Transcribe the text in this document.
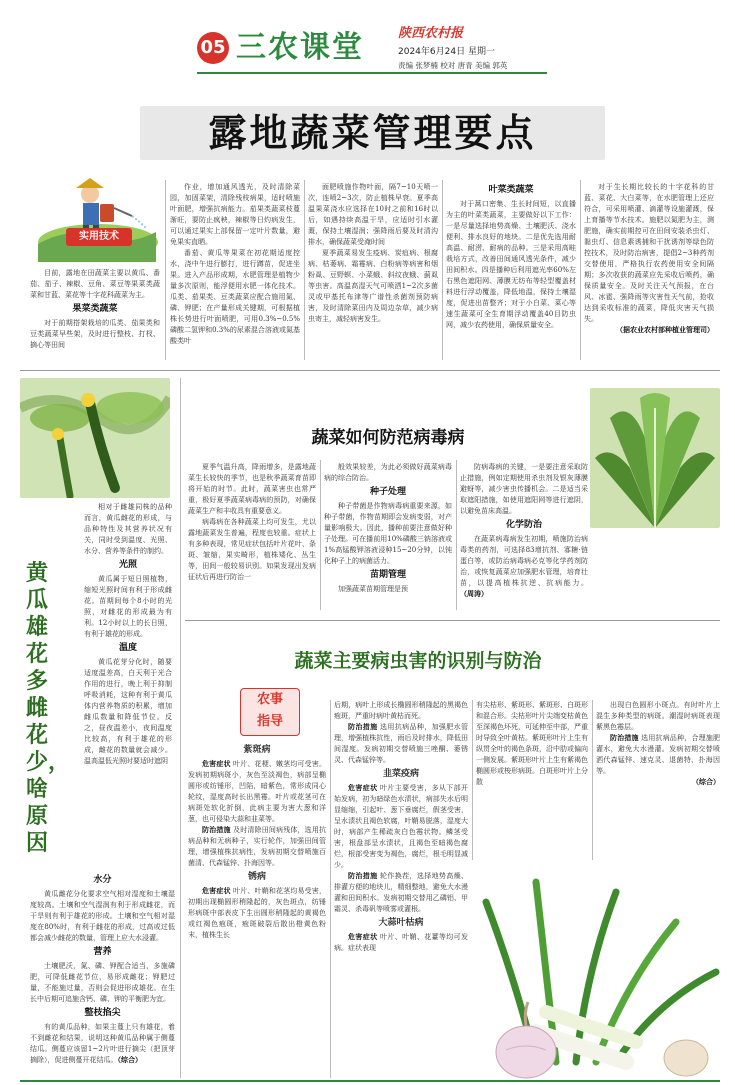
05 三农课堂	陕西农村报
2024年6月24日 星期一
责编 张梦楠 校对 唐青 美编 郭英
露地蔬菜管理要点
实用技术

目前，露地在田蔬菜主要以黄瓜、番茄、茄子、辣椒、豆角、菜豆等果菜类蔬菜和甘蓝、菜花等十字花科蔬菜为主。

果菜类蔬菜

对于前期搭架栽培的瓜类、茄果类和豆类蔬菜早些架，及时进行整枝、打杈、摘心等田间

作业，增加通风透光，及时清除菜园，加固菜架，清除残枝病果，适时喷施叶面肥，增强抗病能力。茄果类蔬菜枝蔓渐旺，要防止疯秧，辣椒等日灼病发生，可以通过果实上部保留一定叶片数量，避免果实直晒。

番茄、黄瓜等果菜在初花期适度控水，浇中午进行膨打，进行蹲苗，促进坐果。进入产品形成期，水肥管理是植物少量多次原则，能浮便用水肥一体化技术。瓜类、茄果类、豆类蔬菜应配合施用氮、磷、钾肥；在产量形成关键期，可根据植株长势进行叶面喷肥，可用0.3%~0.5%磷酸二氢钾和0.3%的尿素混合溶液或氮基酸类叶

面肥喷施作物叶面，隔7~10天喷一次，连喷2~3次，防止植株早衰。夏季高温果菜浇水应选择在10时之前和16时以后，如遇持续高温干旱，应适时引水灌溉，保持土壤湿润；强降雨后要及时清沟排水，确保蔬菜受淹时间

夏季蔬菜易发生疫病、炭疽病、根腐病、枯萎病、霜霉病、白粉病等病害和烟粉虱、豆野螟、小菜蛾、斜纹夜蛾、蓟虱等虫害。高温高湿天气可喷洒1~2次多菌灵或甲基托布津等广谱性杀菌剂预防病害，及时清除菜田内及周边杂草，减少病虫寄主，减轻病害发生。

叶菜类蔬菜

对于蒿口密集、生长时间短，以直播为主的叶菜类蔬菜，主要做好以下工作：一是尽量选择地势高燥、土壤肥沃、浇水便利、排水良好的地块。二是优先选用耐高温、耐涝、耐病的品种。三是采用高畦栽培方式，改善田间通风透光条件，减少田间积水。四是播种后利用遮光率60%左右黑色遮阳网、薄膜无纺布等轻型覆盖材料进行浮动覆盖，降低地温，保持土壤湿度，促进出苗整齐；对于小白菜、菜心等速生蔬菜可全生育期浮动覆盖40目防虫网，减少农药使用，确保质量安全。

对于生长期比较长的十字花科的甘蓝、菜花、大白菜等，在水肥管理上还应符合，可采用喷灌、滴灌等设施灌溉，保上育播等节水技术。施肥以氮肥为主，测肥施，确实前期控可在田间安装杀虫灯、黏虫灯、信息素诱捕和干扰诱剂等绿色防控技术，及时防治病害，提倡2~3种药剂交替使用，严格执行农药使用安全间隔期；多次收获的蔬菜应先采收后喷药，确保质量安全。及时关注天气预报，在台风、冰雹、强降雨等灾害性天气前，抢收达到采收标准的蔬菜，降低灾害天气损失。

（据农业农村部种植业管理司）

黄瓜雄花多雌花少，啥原因

相对于雌雄同株的品种而言，黄瓜雌花的形成，与品种特性及其营养状况有关，同时受到温度、光照、水分、营养等条件的制约。

光照

黄瓜属于短日照植物，缩短光照时间有利于形成雌花。苗期间每个8小时的光照，对雌花的形成最为有利。12小时以上的长日照，有利于雄花的形成。

温度

黄瓜花芽分化时，随要适度温差高，白天利于光合作用的进行，晚上利于抑制呼吸消耗，这种有利于黄瓜体内营养物质的积累，增加雌瓜数量和降低节位。反之，昼夜温差小，夜间温度比较高，有利于雄花的形成，雌花的数量就会减少。温高温低光照时要适时遮阴

水分

黄瓜雌花分化要求空气相对湿度和土壤湿度较高。土壤和空气湿润有利于形成雌花，而干旱则有利于雄花的形成。土壤和空气相对湿度在80%时，有利于雌花的形成，过高或过低都会减少雌花的数量，管理上应大水浸灌。

营养

土壤肥沃，氮、磷、钾配合适当，多施磷肥，可降低雌花节位，易形成雌花；钾肥过量，不能施过量，否则会促进形成雄花。在生长中后期可追施含钙、磷、钾的平衡肥为宜。

整枝掐尖

有的黄瓜品种，如果主蔓上只有雄花，着不到雌花和结果，说明这种黄瓜品种属于侧蔓结瓜。侧蔓应该留1~2片叶进行摘尖（把顶芽摘除），促进侧蔓开花结瓜。（综合）

蔬菜如何防范病毒病

夏季气温升高，降雨增多，是露地蔬菜生长较快的季节，也是秋季蔬菜育苗即将开始的时节。此时，蔬菜害虫也常严重，极好夏季蔬菜病毒病的预防，对确保蔬菜生产和丰收具有重要意义。

病毒病在各种蔬菜上均可发生，尤以露地蔬菜发生普遍，程度也较重。症状上有多种表现，常见症状包括叶片花叶、条斑、皱缩，果实畸形，植株矮化、丛生等，田间一般较易识别。如果发现出发病征状后再进行防治一

般效果较差，为此必须做好蔬菜病毒病的综合防治。

种子处理

种子带菌是作物病毒病重要来源，如种子带菌，作物苗期即会发病变弱，对产量影响极大。因此，播种前要注意做好种子处理。可在播前用10%磷酸三钠溶液或1%高锰酸钾溶液浸种15~20分钟，以钝化种子上的病菌活力。

苗期管理

加强蔬菜苗期管理是预

防病毒病的关键，一是要注意采取防止措施，例如定期使用杀虫剂及银灰薄膜避蚜等，减少害虫传播机会。二是适当采取遮阳措施，如使用遮阳网等进行遮阴，以避免苗床高温。

化学防治

在蔬菜病毒病发生初期，喷施防治病毒类的药剂，可选择83增抗剂、寡糖·链蛋白等，或防治病毒病必克等化学药剂防治，或恢复蔬菜应加强肥水管理，培育壮苗，以提高植株抗逆、抗病能力。（周涛）

蔬菜主要病虫害的识别与防治
农事
指导
紫斑病

危害症状 叶片、花梗、嫩茎均可受害。发病初期病斑小，灰色至淡褐色，病部呈椭圆形或纺锤形，凹陷，暗紫色，常形成同心轮纹，湿度高时长出黑霉。叶片或花茎可在病斑处软化折倒，此病主要为害大葱和洋葱，也可侵染大蒜和韭菜等。

防治措施 及时清除田间病残体，选用抗病品种和无病种子，实行轮作，加强田间管理，增强植株抗病性，发病初期交替喷施百菌清、代森锰锌、扑海因等。

锈病

危害症状 叶片、叶鞘和花茎均易受害，初期出现椭圆形稍隆起的，灰色斑点，纺锤形病斑中部表皮下生出圆形稍隆起的黄褐色或红褐色疱斑，疱斑破裂后散出橙黄色粉末，植株生长

后期，病叶上形成长椭圆形稍隆起的黑褐色疱斑，严重时病叶黄枯而死。

防治措施 选用抗病品种，加强肥水管理，增强植株抗性，雨后及时排水，降低田间湿度。发病初期交替喷施三唑酮、萎锈灵、代森锰锌等。

韭菜疫病

危害症状 叶片主要受害，多从下部开始发病，初为暗绿色水渍状，病部失水后明显缩缩，引起叶、葱下垂腐烂，假茎受害，呈水渍状且褐色软腐，叶鞘易脱落，湿度大时，病部产生稀疏灰白色霉状物。鳞茎受害，根盘部呈水渍状，且褐色至暗褐色腐烂，根部受害变为褐色，腐烂，根毛明显减少。

防治措施 轮作换茬，选择地势高燥、排灌方便的地块儿，精细整地，避免大水漫灌和田间积水。发病初期交替用乙磷铝、甲霜灵、杀毒矾等喷雾或灌根。

大蒜叶枯病

危害症状 叶片、叶鞘、花薹等均可发病。症状表现

有尖枯形、紫斑形、紫斑形、白斑形和混合形。尖枯形叶片尖端变枯黄色至深褐色坏死，可延伸至中部，严重时导致全叶黄枯。紫斑形叶片上生有纵贯全叶的褐色条斑，沿中肋或偏向一侧发展。紫斑形叶片上生有紫褐色椭圆形或梭形病斑。白斑形叶片上分散

出现白色圆形小斑点。有时叶片上混生多种类型的病斑。潮湿时病斑表现紫黑色霉层。

防治措施 选用抗病品种，合理施肥灌水，避免大水漫灌。发病初期交替喷洒代森锰锌、速克灵、退菌特、扑海因等。

（综合）
